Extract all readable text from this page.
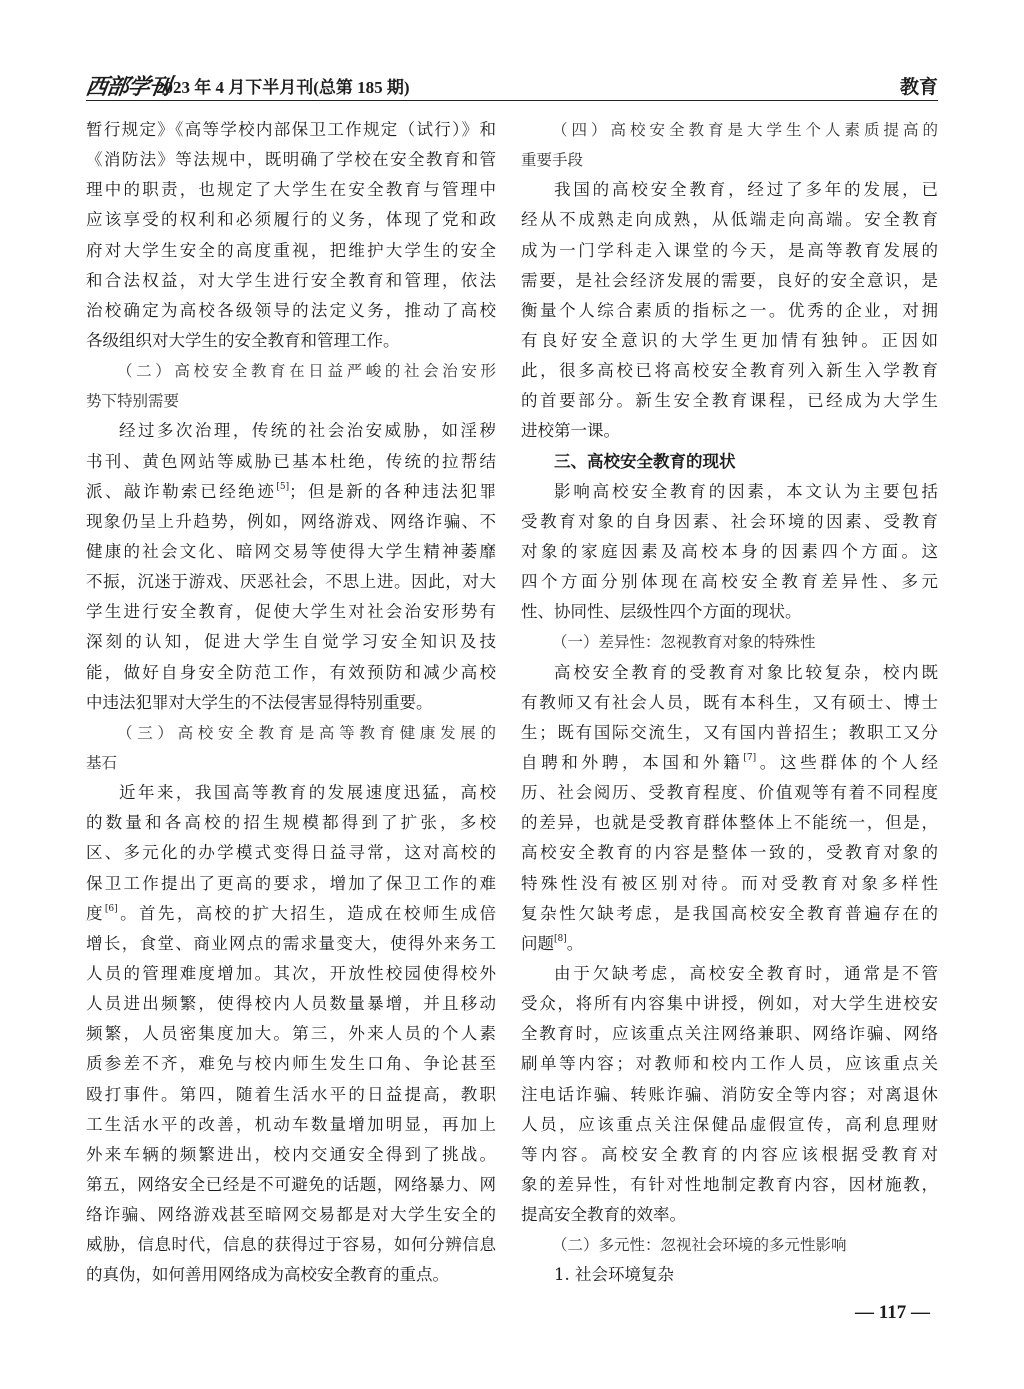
西部学刊
2023 年 4 月下半月刊(总第 185 期)	教育
暂行规定》《高等学校内部保卫工作规定（试行）》和
《消防法》等法规中，既明确了学校在安全教育和管
理中的职责，也规定了大学生在安全教育与管理中
应该享受的权利和必须履行的义务，体现了党和政
府对大学生安全的高度重视，把维护大学生的安全
和合法权益，对大学生进行安全教育和管理，依法
治校确定为高校各级领导的法定义务，推动了高校
各级组织对大学生的安全教育和管理工作。
（二）高校安全教育在日益严峻的社会治安形
势下特别需要
经过多次治理，传统的社会治安威胁，如淫秽
书刊、黄色网站等威胁已基本杜绝，传统的拉帮结
派、敲诈勒索已经绝迹[5]；但是新的各种违法犯罪
现象仍呈上升趋势，例如，网络游戏、网络诈骗、不
健康的社会文化、暗网交易等使得大学生精神萎靡
不振，沉迷于游戏、厌恶社会，不思上进。因此，对大
学生进行安全教育，促使大学生对社会治安形势有
深刻的认知，促进大学生自觉学习安全知识及技
能，做好自身安全防范工作，有效预防和减少高校
中违法犯罪对大学生的不法侵害显得特别重要。
（三）高校安全教育是高等教育健康发展的
基石
近年来，我国高等教育的发展速度迅猛，高校
的数量和各高校的招生规模都得到了扩张，多校
区、多元化的办学模式变得日益寻常，这对高校的
保卫工作提出了更高的要求，增加了保卫工作的难
度[6]。首先，高校的扩大招生，造成在校师生成倍
增长，食堂、商业网点的需求量变大，使得外来务工
人员的管理难度增加。其次，开放性校园使得校外
人员进出频繁，使得校内人员数量暴增，并且移动
频繁，人员密集度加大。第三，外来人员的个人素
质参差不齐，难免与校内师生发生口角、争论甚至
殴打事件。第四，随着生活水平的日益提高，教职
工生活水平的改善，机动车数量增加明显，再加上
外来车辆的频繁进出，校内交通安全得到了挑战。
第五，网络安全已经是不可避免的话题，网络暴力、网
络诈骗、网络游戏甚至暗网交易都是对大学生安全的
威胁，信息时代，信息的获得过于容易，如何分辨信息
的真伪，如何善用网络成为高校安全教育的重点。
（四）高校安全教育是大学生个人素质提高的
重要手段
我国的高校安全教育，经过了多年的发展，已
经从不成熟走向成熟，从低端走向高端。安全教育
成为一门学科走入课堂的今天，是高等教育发展的
需要，是社会经济发展的需要，良好的安全意识，是
衡量个人综合素质的指标之一。优秀的企业，对拥
有良好安全意识的大学生更加情有独钟。正因如
此，很多高校已将高校安全教育列入新生入学教育
的首要部分。新生安全教育课程，已经成为大学生
进校第一课。
三、高校安全教育的现状
影响高校安全教育的因素，本文认为主要包括
受教育对象的自身因素、社会环境的因素、受教育
对象的家庭因素及高校本身的因素四个方面。这
四个方面分别体现在高校安全教育差异性、多元
性、协同性、层级性四个方面的现状。
（一）差异性：忽视教育对象的特殊性
高校安全教育的受教育对象比较复杂，校内既
有教师又有社会人员，既有本科生，又有硕士、博士
生；既有国际交流生，又有国内普招生；教职工又分
自聘和外聘，本国和外籍[7]。这些群体的个人经
历、社会阅历、受教育程度、价值观等有着不同程度
的差异，也就是受教育群体整体上不能统一，但是，
高校安全教育的内容是整体一致的，受教育对象的
特殊性没有被区别对待。而对受教育对象多样性
复杂性欠缺考虑，是我国高校安全教育普遍存在的
问题[8]。
由于欠缺考虑，高校安全教育时，通常是不管
受众，将所有内容集中讲授，例如，对大学生进校安
全教育时，应该重点关注网络兼职、网络诈骗、网络
刷单等内容；对教师和校内工作人员，应该重点关
注电话诈骗、转账诈骗、消防安全等内容；对离退休
人员，应该重点关注保健品虚假宣传，高利息理财
等内容。高校安全教育的内容应该根据受教育对
象的差异性，有针对性地制定教育内容，因材施教，
提高安全教育的效率。
（二）多元性：忽视社会环境的多元性影响
1. 社会环境复杂
— 117 —
